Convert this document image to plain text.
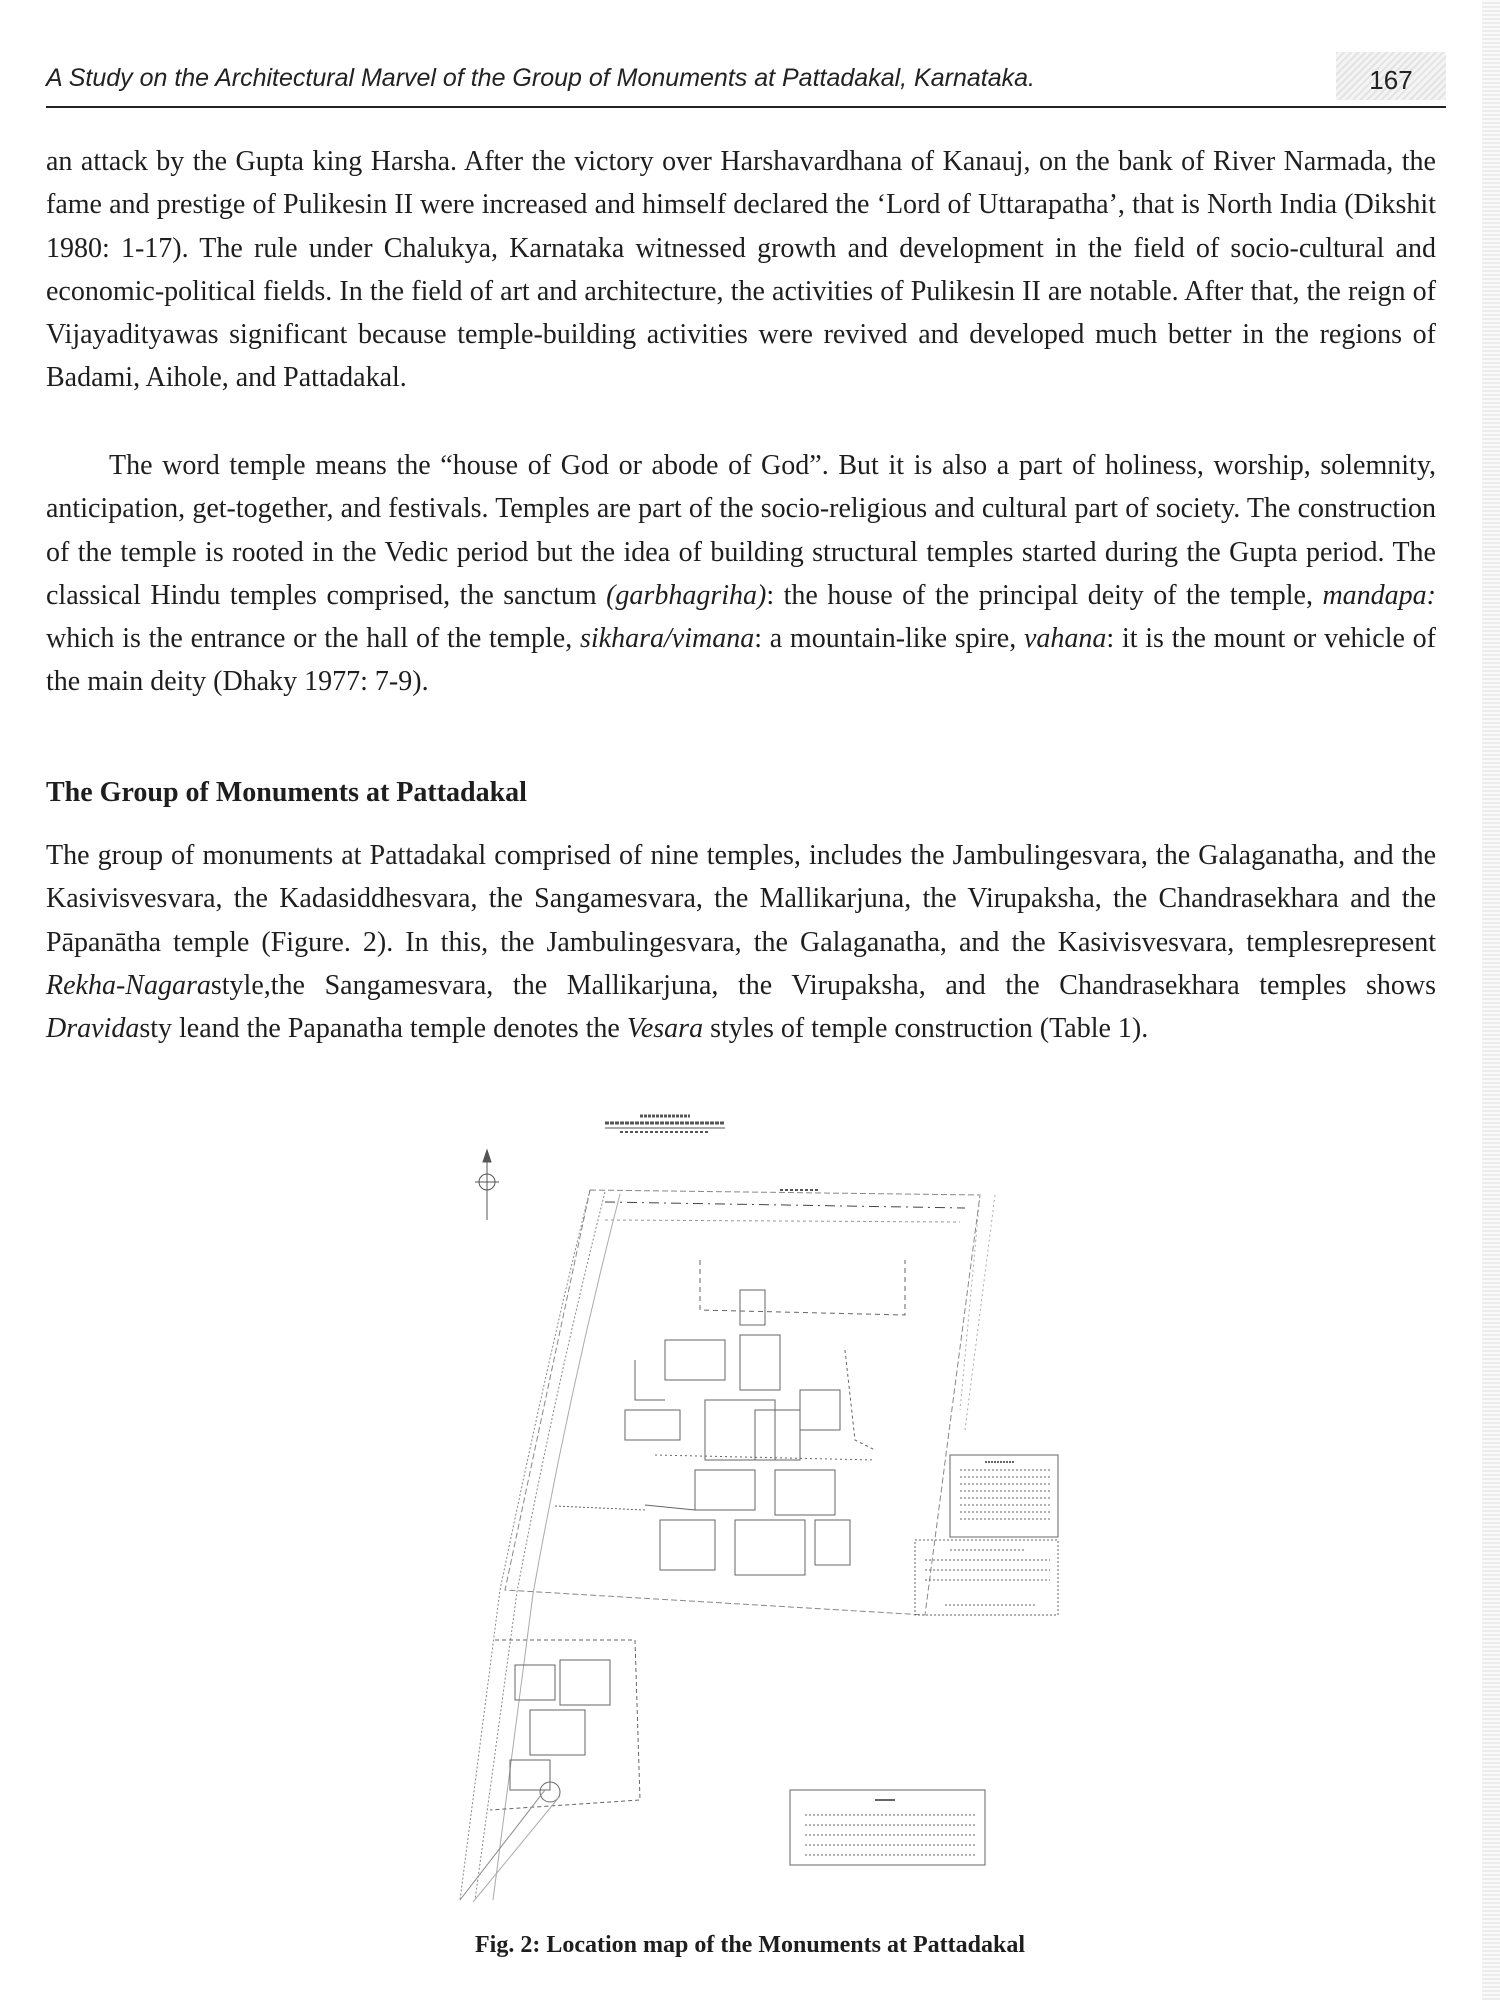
A Study on the Architectural Marvel of the Group of Monuments at Pattadakal, Karnataka.	167

an attack by the Gupta king Harsha. After the victory over Harshavardhana of Kanauj, on the bank of River Narmada, the fame and prestige of Pulikesin II were increased and himself declared the ‘Lord of Uttarapatha’, that is North India (Dikshit 1980: 1-17). The rule under Chalukya, Karnataka witnessed growth and development in the field of socio-cultural and economic-political fields. In the field of art and architecture, the activities of Pulikesin II are notable. After that, the reign of Vijayadityawas significant because temple-building activities were revived and developed much better in the regions of Badami, Aihole, and Pattadakal.

The word temple means the “house of God or abode of God”. But it is also a part of holiness, worship, solemnity, anticipation, get-together, and festivals. Temples are part of the socio-religious and cultural part of society. The construction of the temple is rooted in the Vedic period but the idea of building structural temples started during the Gupta period. The classical Hindu temples comprised, the sanctum (garbhagriha): the house of the principal deity of the temple, mandapa: which is the entrance or the hall of the temple, sikhara/vimana: a mountain-like spire, vahana: it is the mount or vehicle of the main deity (Dhaky 1977: 7-9).

The Group of Monuments at Pattadakal

The group of monuments at Pattadakal comprised of nine temples, includes the Jambulingesvara, the Galaganatha, and the Kasivisvesvara, the Kadasiddhesvara, the Sangamesvara, the Mallikarjuna, the Virupaksha, the Chandrasekhara and the Pāpanātha temple (Figure. 2). In this, the Jambulingesvara, the Galaganatha, and the Kasivisvesvara, templesrepresent Rekha-Nagarastyle,the Sangamesvara, the Mallikarjuna, the Virupaksha, and the Chandrasekhara temples shows Dravidasty leand the Papanatha temple denotes the Vesara styles of temple construction (Table 1).

Fig. 2: Location map of the Monuments at Pattadakal
